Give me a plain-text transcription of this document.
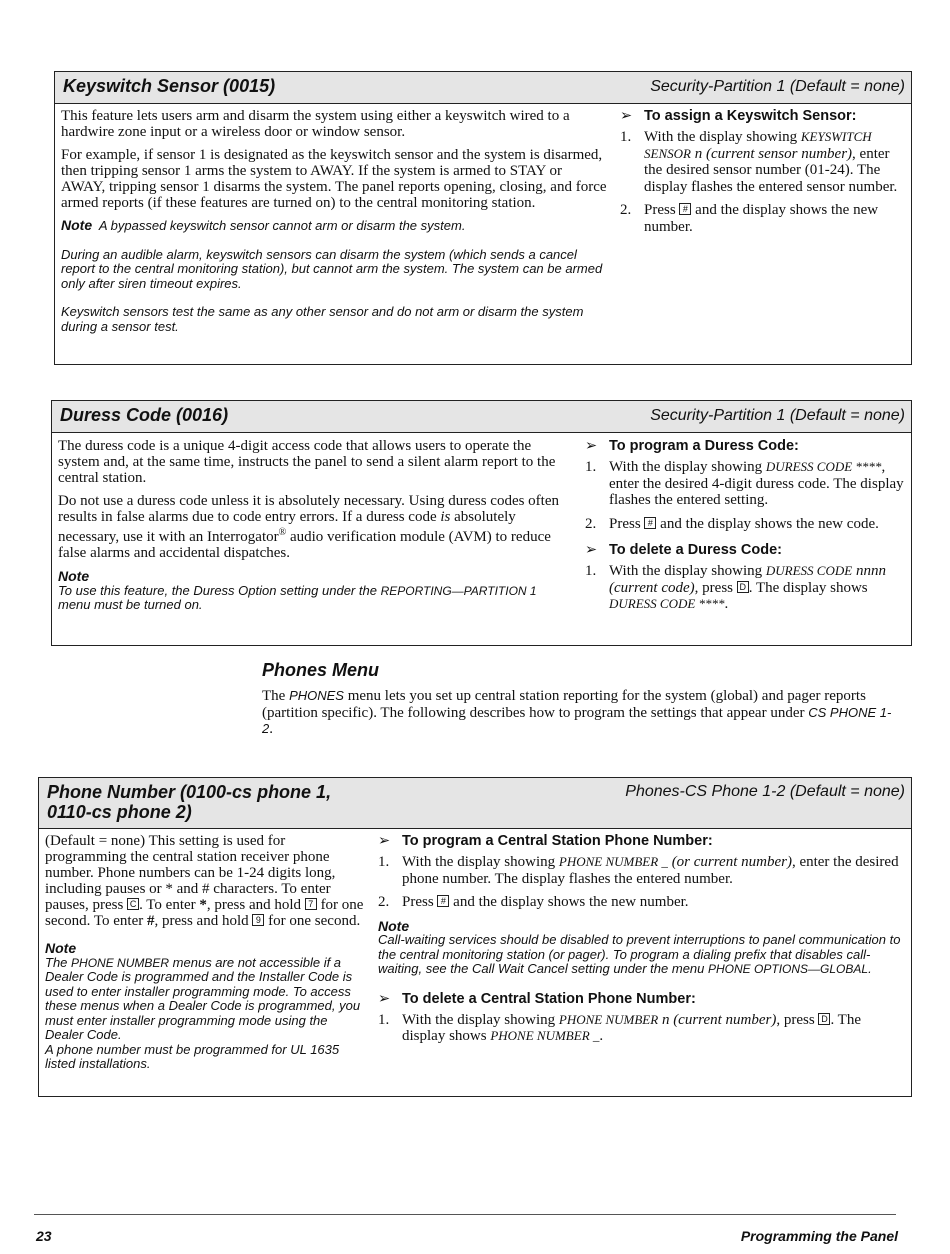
Keyswitch Sensor (0015)	Security-Partition 1 (Default = none)

This feature lets users arm and disarm the system using either a keyswitch wired to a hardwire zone input or a wireless door or window sensor.

For example, if sensor 1 is designated as the keyswitch sensor and the system is disarmed, then tripping sensor 1 arms the system to AWAY. If the system is armed to STAY or AWAY, tripping sensor 1 disarms the system. The panel reports opening, closing, and force armed reports (if these features are turned on) to the central monitoring station.

Note A bypassed keyswitch sensor cannot arm or disarm the system.
During an audible alarm, keyswitch sensors can disarm the system (which sends a cancel report to the central monitoring station), but cannot arm the system. The system can be armed only after siren timeout expires.
Keyswitch sensors test the same as any other sensor and do not arm or disarm the system during a sensor test.
➢ To assign a Keyswitch Sensor:
1. With the display showing KEYSWITCH SENSOR n (current sensor number), enter the desired sensor number (01-24). The display flashes the entered sensor number.
2. Press # and the display shows the new number.
Duress Code (0016)	Security-Partition 1 (Default = none)

The duress code is a unique 4-digit access code that allows users to operate the system and, at the same time, instructs the panel to send a silent alarm report to the central station.

Do not use a duress code unless it is absolutely necessary. Using duress codes often results in false alarms due to code entry errors. If a duress code is absolutely necessary, use it with an Interrogator® audio verification module (AVM) to reduce false alarms and accidental dispatches.

Note
To use this feature, the Duress Option setting under the REPORTING—PARTITION 1 menu must be turned on.
➢ To program a Duress Code:
1. With the display showing DURESS CODE ****, enter the desired 4-digit duress code. The display flashes the entered setting.
2. Press # and the display shows the new code.
➢ To delete a Duress Code:
1. With the display showing DURESS CODE nnnn (current code), press D . The display shows DURESS CODE ****.
Phones Menu
The PHONES menu lets you set up central station reporting for the system (global) and pager reports (partition specific). The following describes how to program the settings that appear under CS PHONE 1-2.
Phone Number (0100-cs phone 1,
0110-cs phone 2)
Phones-CS Phone 1-2 (Default = none)

(Default = none) This setting is used for programming the central station receiver phone number. Phone numbers can be 1-24 digits long, including pauses or * and # characters. To enter pauses, press C . To enter *, press and hold 7 for one second. To enter #, press and hold 9 for one second.

Note
The PHONE NUMBER menus are not accessible if a Dealer Code is programmed and the Installer Code is used to enter installer programming mode. To access these menus when a Dealer Code is programmed, you must enter installer programming mode using the Dealer Code.
A phone number must be programmed for UL 1635 listed installations.
➢ To program a Central Station Phone Number:
1. With the display showing PHONE NUMBER _ (or current number), enter the desired phone number. The display flashes the entered number.
2. Press # and the display shows the new number.
Note
Call-waiting services should be disabled to prevent interruptions to panel communication to the central monitoring station (or pager). To program a dialing prefix that disables call-waiting, see the Call Wait Cancel setting under the menu PHONE OPTIONS—GLOBAL.
➢ To delete a Central Station Phone Number:
1. With the display showing PHONE NUMBER n (current number), press D . The display shows PHONE NUMBER _.
23	Programming the Panel
